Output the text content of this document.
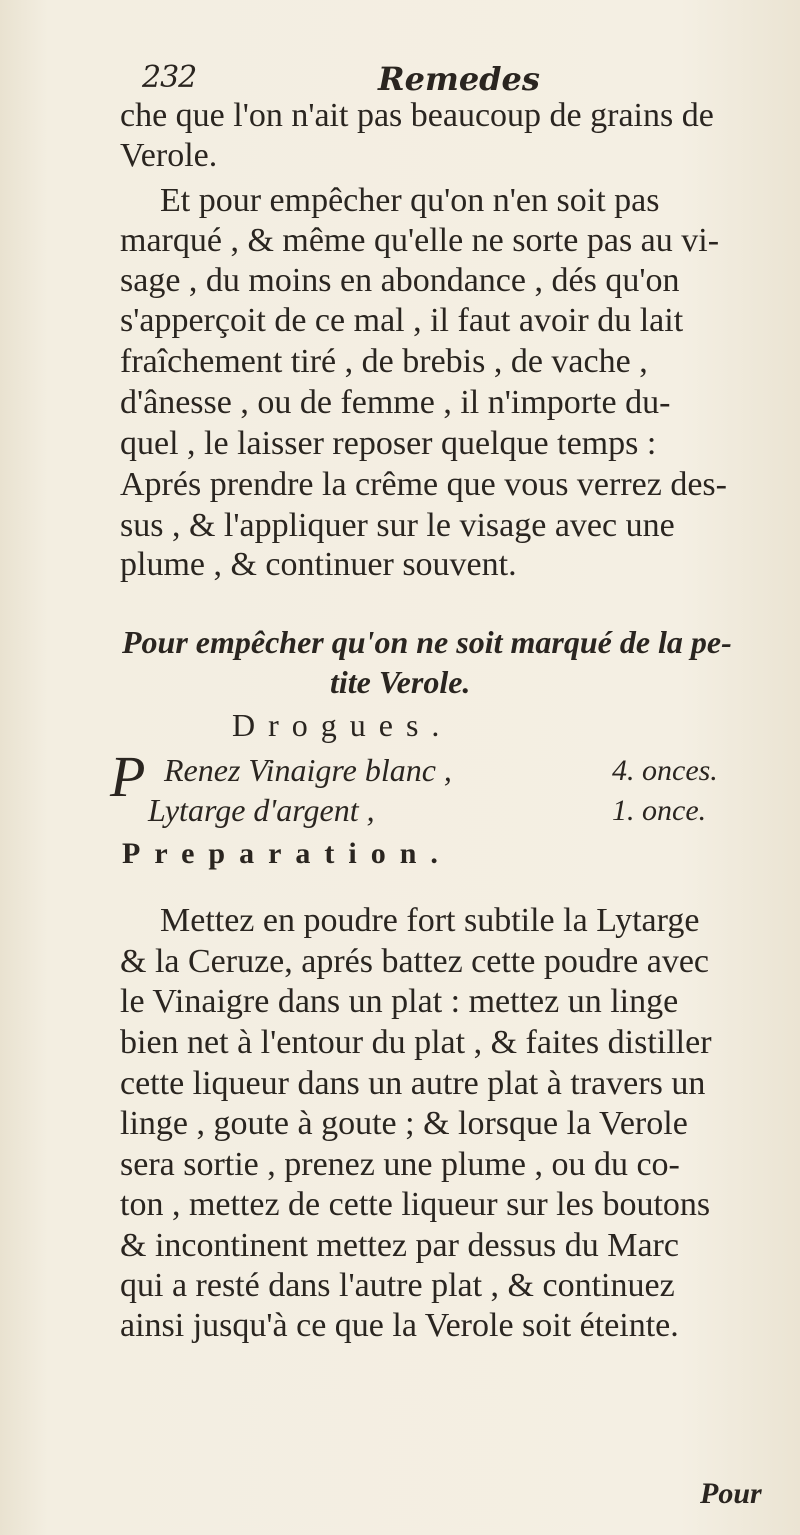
232	Remedes
che que l'on n'ait pas beaucoup de grains de
Verole.
Et pour empêcher qu'on n'en soit pas
marqué , & même qu'elle ne sorte pas au vi-
sage , du moins en abondance , dés qu'on
s'apperçoit de ce mal , il faut avoir du lait
fraîchement tiré , de brebis , de vache ,
d'ânesse , ou de femme , il n'importe du-
quel , le laisser reposer quelque temps :
Aprés prendre la crême que vous verrez des-
sus , & l'appliquer sur le visage avec une
plume , & continuer souvent.
Pour empêcher qu'on ne soit marqué de la pe-
tite Verole.
Drogues.
P Renez Vinaigre blanc ,	4. onces.
Lytarge d'argent ,	1. once.
Preparation.
Mettez en poudre fort subtile la Lytarge
& la Ceruze, aprés battez cette poudre avec
le Vinaigre dans un plat : mettez un linge
bien net à l'entour du plat , & faites distiller
cette liqueur dans un autre plat à travers un
linge , goute à goute ; & lorsque la Verole
sera sortie , prenez une plume , ou du co-
ton , mettez de cette liqueur sur les boutons
& incontinent mettez par dessus du Marc
qui a resté dans l'autre plat , & continuez
ainsi jusqu'à ce que la Verole soit éteinte.
Pour
